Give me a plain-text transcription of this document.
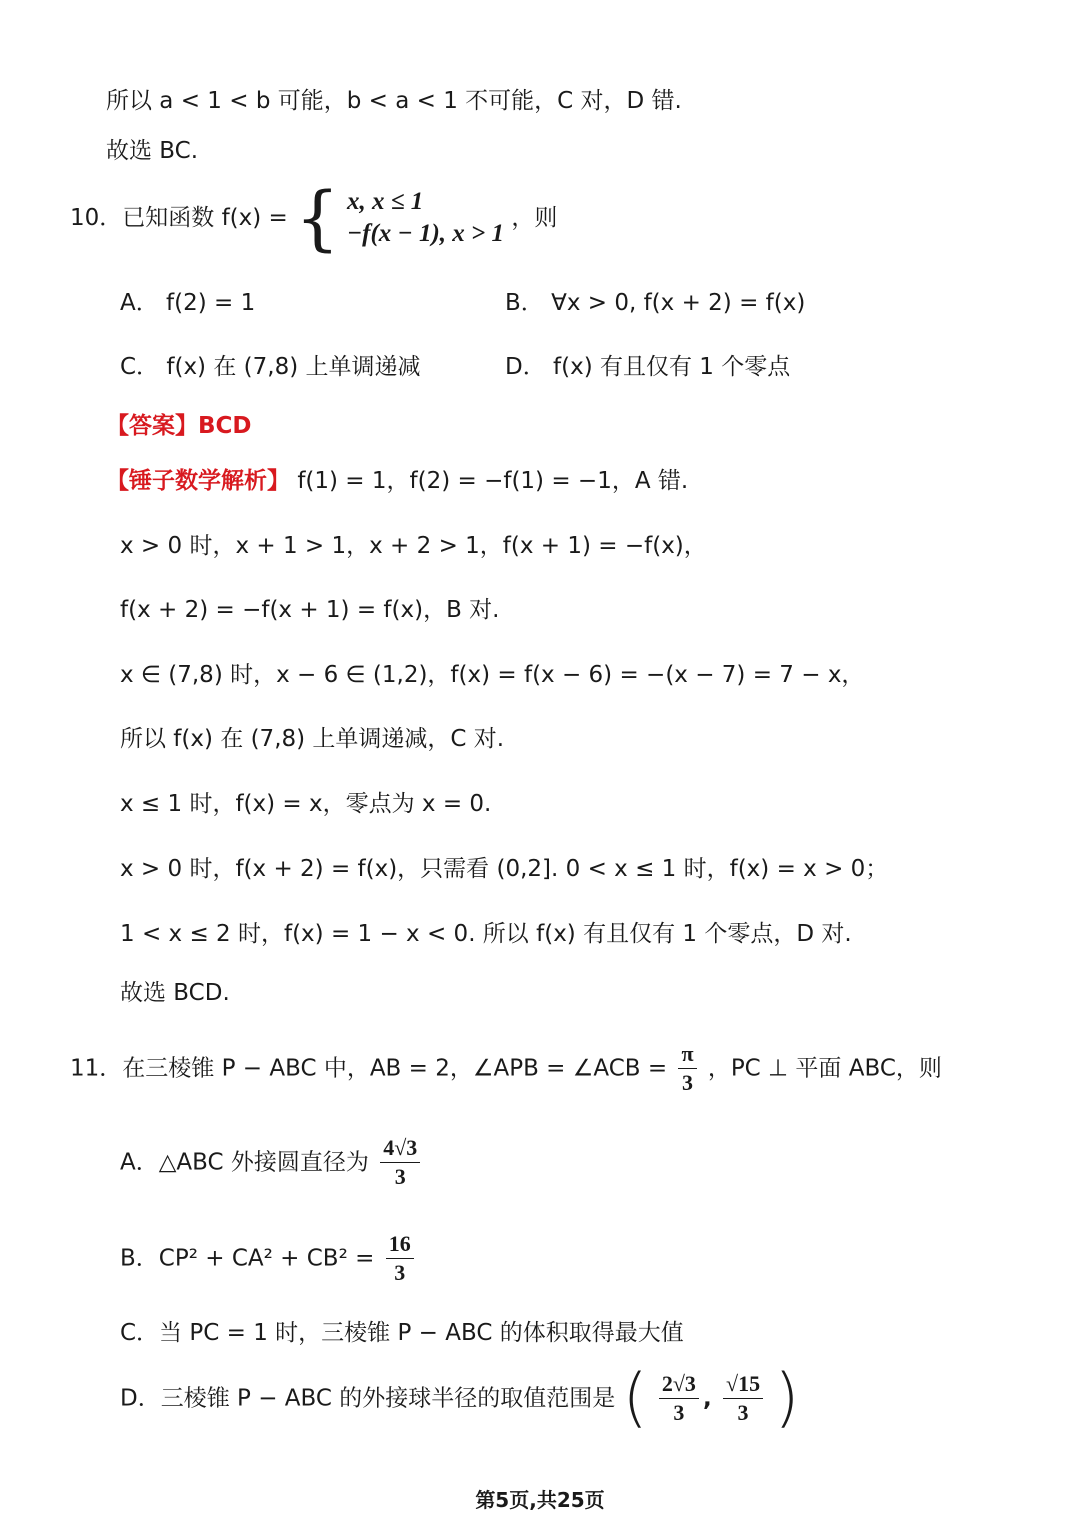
所以 a < 1 < b 可能，b < a < 1 不可能，C 对，D 错.
故选 BC.
10．已知函数 f(x) = { x, x ≤ 1
−f(x − 1), x > 1
，则
A． f(2) = 1	B． ∀x > 0, f(x + 2) = f(x)
C． f(x) 在 (7,8) 上单调递减	D． f(x) 有且仅有 1 个零点
【答案】BCD
【锤子数学解析】 f(1) = 1，f(2) = −f(1) = −1，A 错.
x > 0 时，x + 1 > 1，x + 2 > 1，f(x + 1) = −f(x)，
f(x + 2) = −f(x + 1) = f(x)，B 对.
x ∈ (7,8) 时，x − 6 ∈ (1,2)，f(x) = f(x − 6) = −(x − 7) = 7 − x，
所以 f(x) 在 (7,8) 上单调递减，C 对.
x ≤ 1 时，f(x) = x，零点为 x = 0.
x > 0 时，f(x + 2) = f(x)，只需看 (0,2]. 0 < x ≤ 1 时，f(x) = x > 0；
1 < x ≤ 2 时，f(x) = 1 − x < 0. 所以 f(x) 有且仅有 1 个零点，D 对.
故选 BCD.
11．在三棱锥 P − ABC 中，AB = 2，∠APB = ∠ACB = $\frac{\pi}{3}$ ，PC ⊥ 平面 ABC，则
A．△ABC 外接圆直径为 $\frac{4√3}{3}$
B．$CP^2 + CA^2 + CB^2 = \frac{16}{3}$
C．当 PC = 1 时，三棱锥 P − ABC 的体积取得最大值
D．三棱锥 P − ABC 的外接球半径的取值范围是 ( $\frac{2√3}{3}$ , $\frac{√15}{3}$ )
第5页,共25页
